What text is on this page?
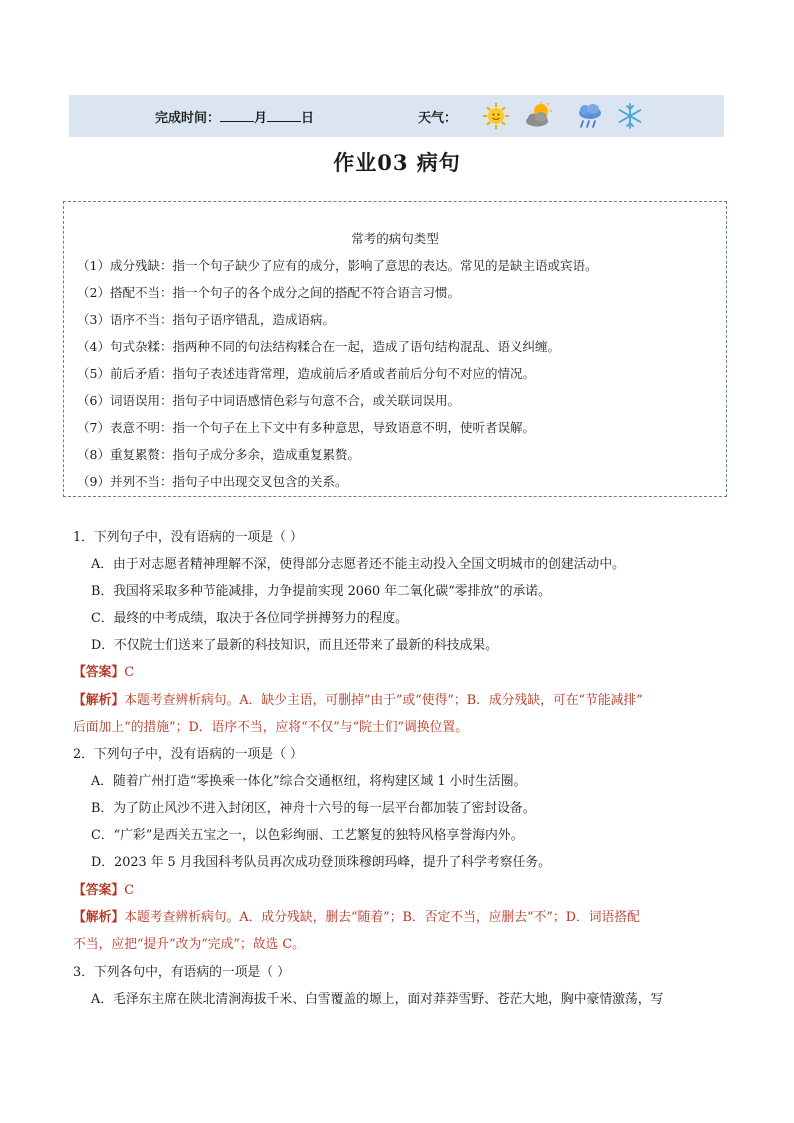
完成时间：	月	日	天气：
作业03 病句
常考的病句类型
（1）成分残缺：指一个句子缺少了应有的成分，影响了意思的表达。常见的是缺主语或宾语。
（2）搭配不当：指一个句子的各个成分之间的搭配不符合语言习惯。
（3）语序不当：指句子语序错乱，造成语病。
（4）句式杂糅：指两种不同的句法结构糅合在一起，造成了语句结构混乱、语义纠缠。
（5）前后矛盾：指句子表述违背常理，造成前后矛盾或者前后分句不对应的情况。
（6）词语误用：指句子中词语感情色彩与句意不合，或关联词误用。
（7）表意不明：指一个句子在上下文中有多种意思，导致语意不明，使听者误解。
（8）重复累赘：指句子成分多余，造成重复累赘。
（9）并列不当：指句子中出现交叉包含的关系。
1．下列句子中，没有语病的一项是（ ）
A．由于对志愿者精神理解不深，使得部分志愿者还不能主动投入全国文明城市的创建活动中。
B．我国将采取多种节能减排，力争提前实现 2060 年二氧化碳“零排放”的承诺。
C．最终的中考成绩，取决于各位同学拼搏努力的程度。
D．不仅院士们送来了最新的科技知识，而且还带来了最新的科技成果。
【答案】C
【解析】本题考查辨析病句。A．缺少主语，可删掉“由于”或“使得”；B．成分残缺，可在“节能减排”
后面加上“的措施”；D．语序不当，应将“不仅”与“院士们”调换位置。
2．下列句子中，没有语病的一项是（ ）
A．随着广州打造“零换乘一体化”综合交通枢纽，将构建区域 1 小时生活圈。
B．为了防止风沙不进入封闭区，神舟十六号的每一层平台都加装了密封设备。
C．“广彩”是西关五宝之一，以色彩绚丽、工艺繁复的独特风格享誉海内外。
D．2023 年 5 月我国科考队员再次成功登顶珠穆朗玛峰，提升了科学考察任务。
【答案】C
【解析】本题考查辨析病句。A．成分残缺，删去“随着”；B．否定不当，应删去“不”；D．词语搭配
不当，应把“提升”改为“完成”；故选 C。
3．下列各句中，有语病的一项是（ ）
A．毛泽东主席在陕北清涧海拔千米、白雪覆盖的塬上，面对莽莽雪野、苍茫大地，胸中豪情激荡，写
